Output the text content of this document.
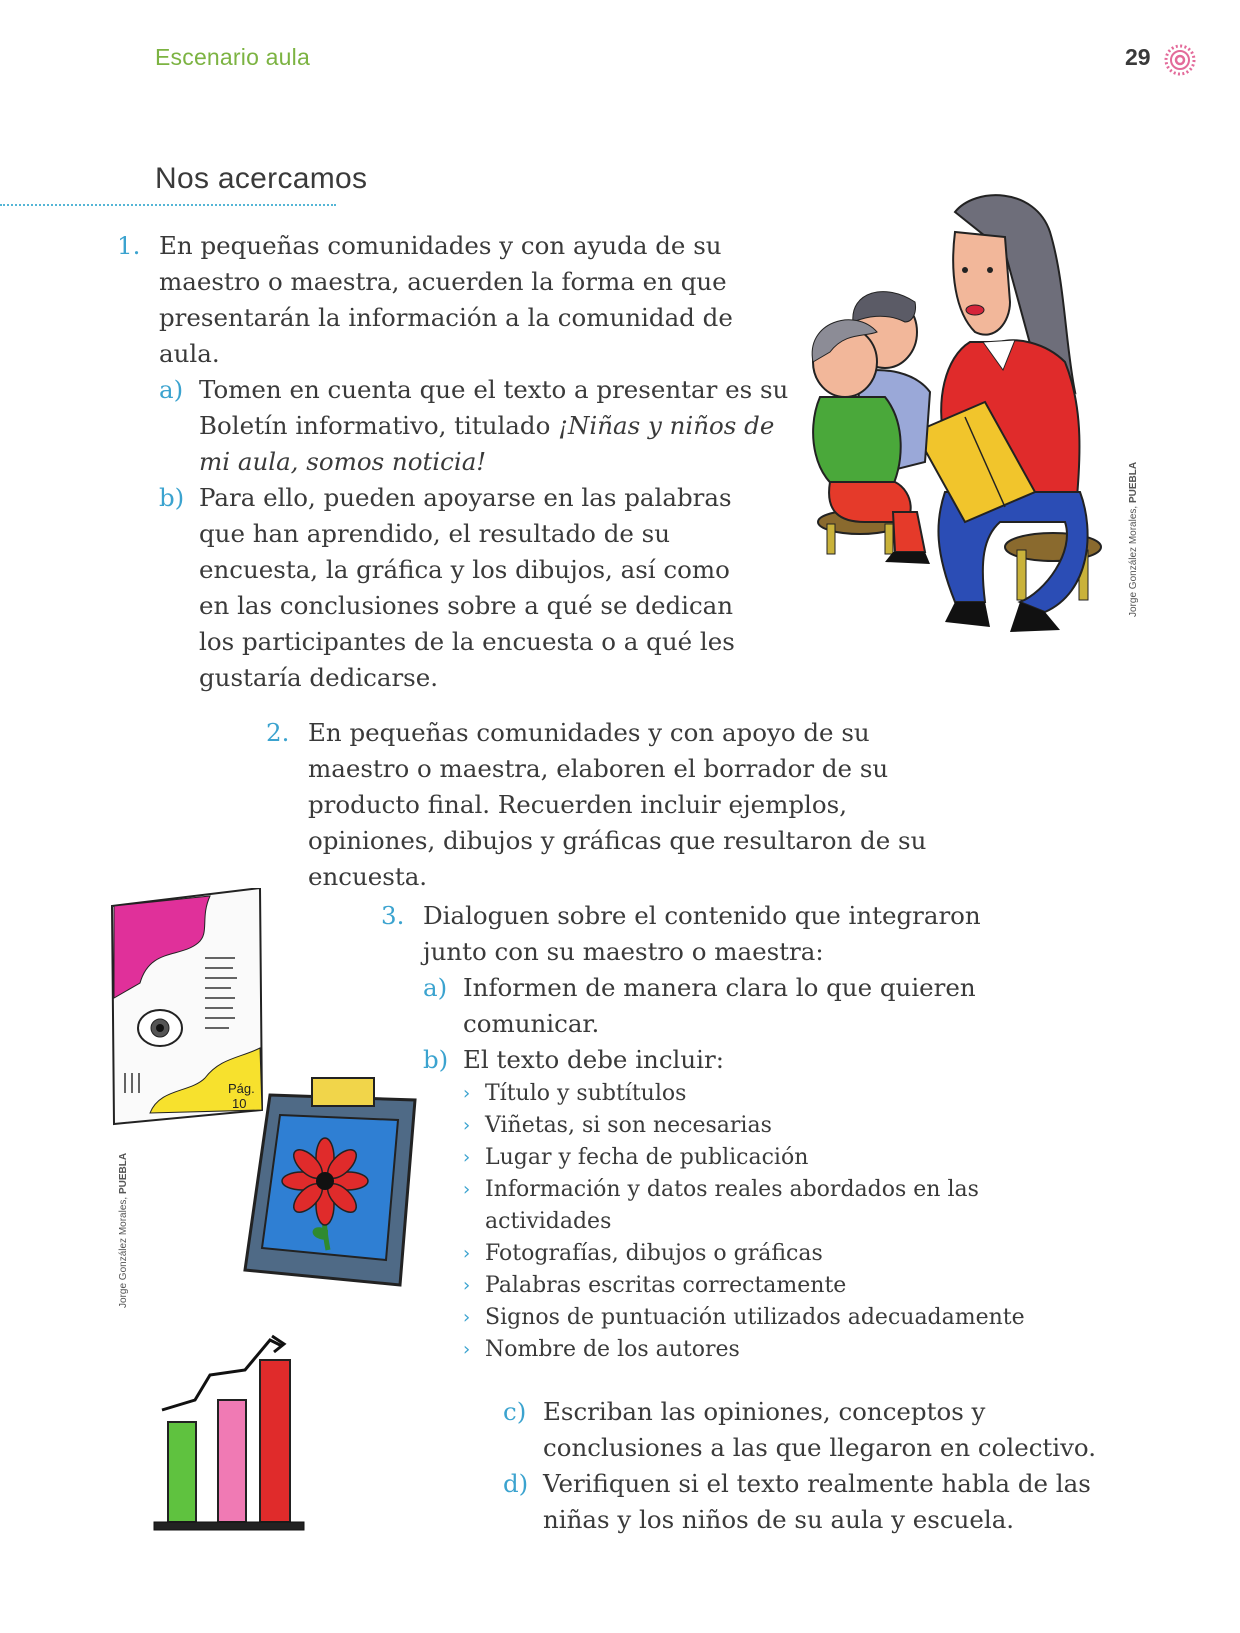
Escenario aula	29
Nos acercamos
1. En pequeñas comunidades y con ayuda de su maestro o maestra, acuerden la forma en que presentarán la información a la comunidad de aula.
a) Tomen en cuenta que el texto a presentar es su Boletín informativo, titulado ¡Niñas y niños de mi aula, somos noticia!
b) Para ello, pueden apoyarse en las palabras que han aprendido, el resultado de su encuesta, la gráfica y los dibujos, así como en las conclusiones sobre a qué se dedican los participantes de la encuesta o a qué les gustaría dedicarse.
Jorge González Morales, PUEBLA
2. En pequeñas comunidades y con apoyo de su maestro o maestra, elaboren el borrador de su producto final. Recuerden incluir ejemplos, opiniones, dibujos y gráficas que resultaron de su encuesta.
3. Dialoguen sobre el contenido que integraron junto con su maestro o maestra:
a) Informen de manera clara lo que quieren comunicar.
b) El texto debe incluir:
› Título y subtítulos
› Viñetas, si son necesarias
› Lugar y fecha de publicación
› Información y datos reales abordados en las actividades
› Fotografías, dibujos o gráficas
› Palabras escritas correctamente
› Signos de puntuación utilizados adecuadamente
› Nombre de los autores
c) Escriban las opiniones, conceptos y conclusiones a las que llegaron en colectivo.
d) Verifiquen si el texto realmente habla de las niñas y los niños de su aula y escuela.
Pág.
10
Jorge González Morales, PUEBLA
